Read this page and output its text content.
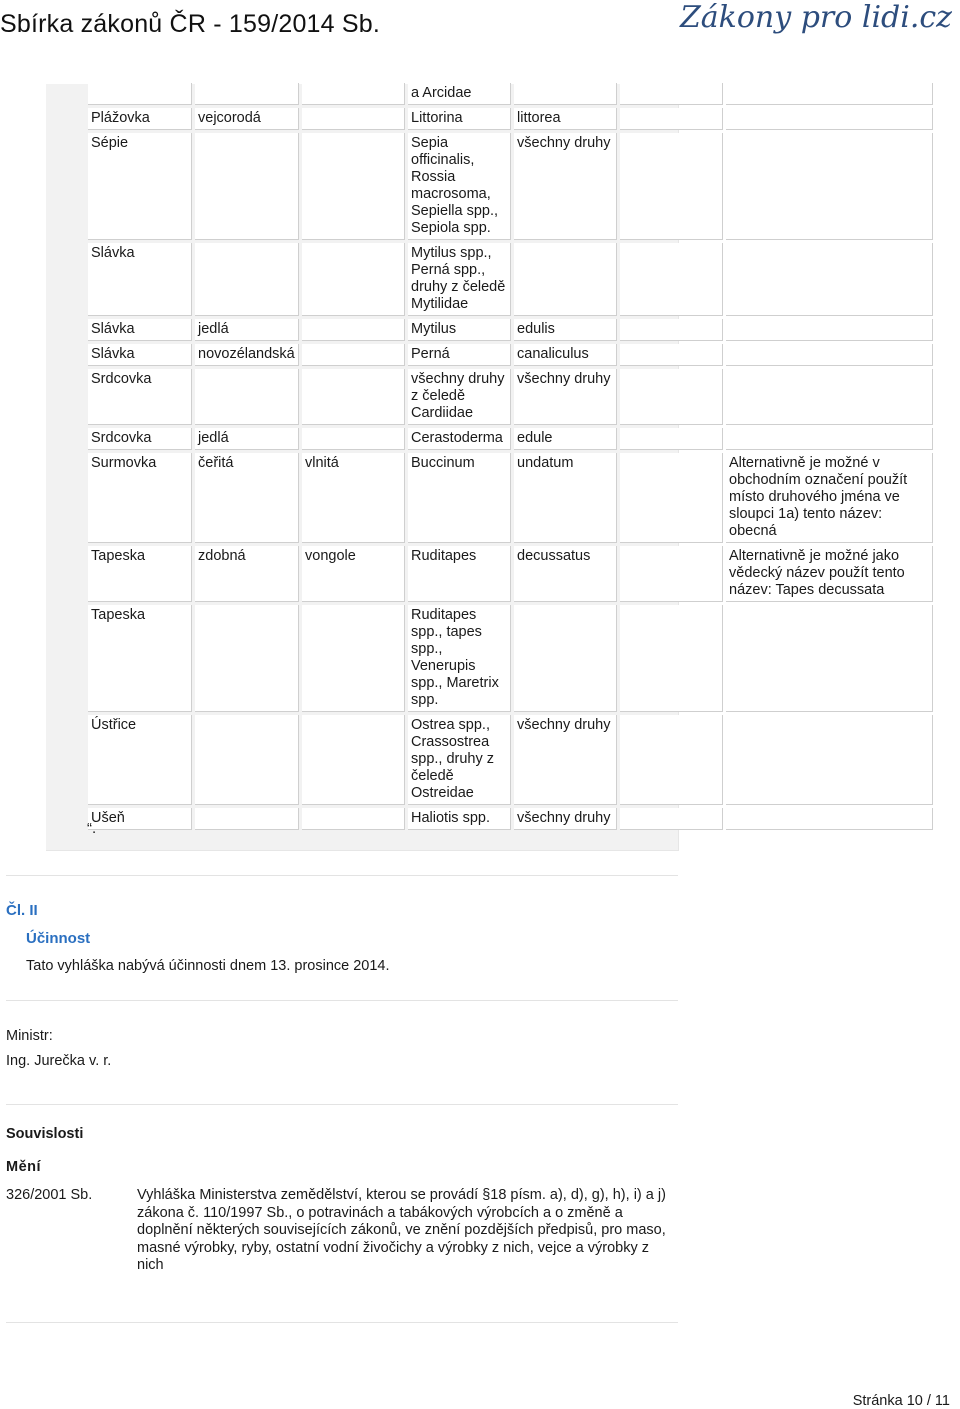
Sbírka zákonů ČR - 159/2014 Sb.	Zákony pro lidi.cz
			a Arcidae			
Plážovka	vejcorodá		Littorina	littorea		
Sépie			Sepia officinalis, Rossia macrosoma, Sepiella spp., Sepiola spp.	všechny druhy		
Slávka			Mytilus spp., Perná spp., druhy z čeledě Mytilidae			
Slávka	jedlá		Mytilus	edulis		
Slávka	novozélandská		Perná	canaliculus		
Srdcovka			všechny druhy z čeledě Cardiidae	všechny druhy		
Srdcovka	jedlá		Cerastoderma	edule		
Surmovka	čeřitá	vlnitá	Buccinum	undatum		Alternativně je možné v obchodním označení použít místo druhového jména ve sloupci 1a) tento název: obecná
Tapeska	zdobná	vongole	Ruditapes	decussatus		Alternativně je možné jako vědecký název použít tento název: Tapes decussata
Tapeska			Ruditapes spp., tapes spp., Venerupis spp., Maretrix spp.			
Ústřice			Ostrea spp., Crassostrea spp., druhy z čeledě Ostreidae	všechny druhy		
Ušeň			Haliotis spp.	všechny druhy		
“.
Čl. II
Účinnost
Tato vyhláška nabývá účinnosti dnem 13. prosince 2014.
Ministr:
Ing. Jurečka v. r.
Souvislosti
Mění
326/2001 Sb.	Vyhláška Ministerstva zemědělství, kterou se provádí §18 písm. a), d), g), h), i) a j) zákona č. 110/1997 Sb., o potravinách a tabákových výrobcích a o změně a doplnění některých souvisejících zákonů, ve znění pozdějších předpisů, pro maso, masné výrobky, ryby, ostatní vodní živočichy a výrobky z nich, vejce a výrobky z nich
Stránka 10 / 11
